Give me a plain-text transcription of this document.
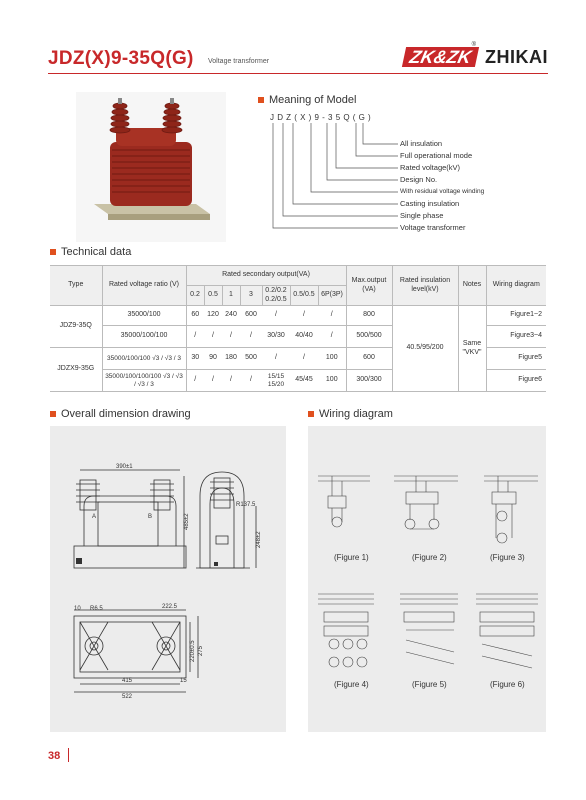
JDZ(X)9-35Q(G) Voltage transformer	ZK&ZK
®
ZHIKAI
Meaning of Model
JDZ(X)9-35Q(G)
All insulation
Full operational mode
Rated voltage(kV)
Design No.
With residual voltage winding
Casting insulation
Single phase
Voltage transformer
Technical data
Type	Rated voltage ratio (V)	Rated secondary output(VA)							Max.output (VA)	Rated insulation level(kV)	Notes	Wiring diagram
		0.2	0.5	1	3	0.2/0.2 0.2/0.5	0.5/0.5	6P(3P)				
JDZ9-35Q	35000/100	60	120	240	600	/	/	/	800	40.5/95/200	Same "VKV"	Figure1~2
	35000/100/100	/	/	/	/	30/30	40/40	/	500/500			Figure3~4
JDZX9-35G	35000/100/100 √3 / √3 / 3	30	90	180	500	/	/	100	600			Figure5
	35000/100/100/100 √3 / √3 / √3 / 3	/	/	/	/	15/15 15/20	45/45	100	300/300			Figure6
Overall dimension drawing
390±1
485±2
R137.5
248±2
10 R6.5	222.5
220±0.5 275
415	15
522
A	B
Wiring diagram
(Figure 1)	(Figure 2)	(Figure 3)
(Figure 4)	(Figure 5)	(Figure 6)
38
